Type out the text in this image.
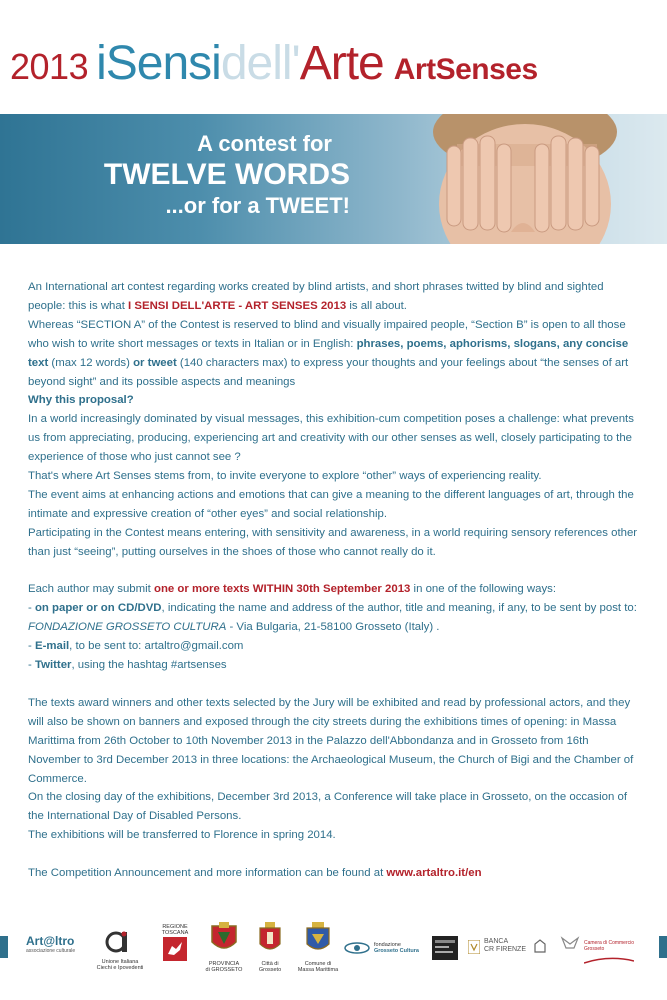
2013 iSensidell'Arte ArtSenses
A contest for
TWELVE WORDS
...or for a TWEET!

An International art contest regarding works created by blind artists, and short phrases twitted by blind and sighted people: this is what I SENSI DELL'ARTE - ART SENSES 2013 is all about.

Whereas “SECTION A” of the Contest is reserved to blind and visually impaired people, “Section B” is open to all those who wish to write short messages or texts in Italian or in English: phrases, poems, aphorisms, slogans, any concise text (max 12 words) or tweet (140 characters max) to express your thoughts and your feelings about “the senses of art beyond sight” and its possible aspects and meanings

Why this proposal?

In a world increasingly dominated by visual messages, this exhibition-cum competition poses a challenge: what prevents us from appreciating, producing, experiencing art and creativity with our other senses as well, closely participating to the experience of those who just cannot see ?

That's where Art Senses stems from, to invite everyone to explore “other” ways of experiencing reality.

The event aims at enhancing actions and emotions that can give a meaning to the different languages of art, through the intimate and expressive creation of “other eyes” and social relationship.

Participating in the Contest means entering, with sensitivity and awareness, in a world requiring sensory references other than just “seeing”, putting ourselves in the shoes of those who cannot really do it.

Each author may submit one or more texts WITHIN 30th September 2013 in one of the following ways:

- on paper or on CD/DVD, indicating the name and address of the author, title and meaning, if any, to be sent by post to: FONDAZIONE GROSSETO CULTURA - Via Bulgaria, 21-58100 Grosseto (Italy) .

- E-mail, to be sent to: artaltro@gmail.com

- Twitter, using the hashtag #artsenses

The texts award winners and other texts selected by the Jury will be exhibited and read by professional actors, and they will also be shown on banners and exposed through the city streets during the exhibitions times of opening: in Massa Marittima from 26th October to 10th November 2013 in the Palazzo dell'Abbondanza and in Grosseto from 16th November to 3rd December 2013 in three locations: the Archaeological Museum, the Church of Bigi and the Chamber of Commerce.

On the closing day of the exhibitions, December 3rd 2013, a Conference will take place in Grosseto, on the occasion of the International Day of Disabled Persons.

The exhibitions will be transferred to Florence in spring 2014.

The Competition Announcement and more information can be found at www.artaltro.it/en

Art@ltro
associazione culturale
Unione Italiana
Ciechi e Ipovedenti
REGIONE
TOSCANA
PROVINCIA
di GROSSETO
Città di
Grosseto
Comune di
Massa Marittima
fondazione
Grosseto Cultura
BANCA
CR FIRENZE
Camera di Commercio
Grosseto
